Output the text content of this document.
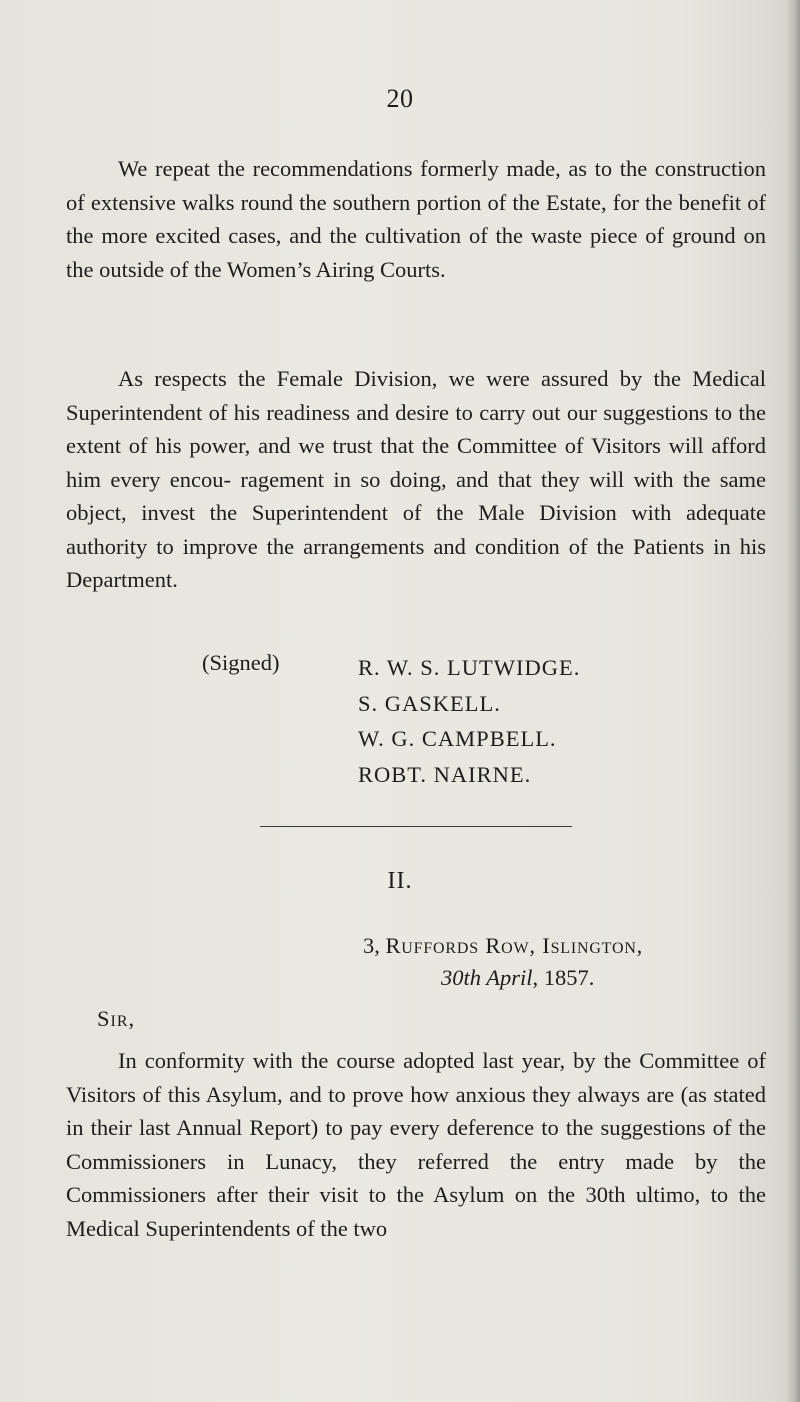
20

We repeat the recommendations formerly made, as to the construction of extensive walks round the southern portion of the Estate, for the benefit of the more excited cases, and the cultivation of the waste piece of ground on the outside of the Women’s Airing Courts.

As respects the Female Division, we were assured by the Medical Superintendent of his readiness and desire to carry out our suggestions to the extent of his power, and we trust that the Committee of Visitors will afford him every encou- ragement in so doing, and that they will with the same object, invest the Superintendent of the Male Division with adequate authority to improve the arrangements and condition of the Patients in his Department.

(Signed)	R. W. S. LUTWIDGE.
S. GASKELL.
W. G. CAMPBELL.
ROBT. NAIRNE.
II.
3, Ruffords Row, Islington,
30th April, 1857.
Sir,

In conformity with the course adopted last year, by the Committee of Visitors of this Asylum, and to prove how anxious they always are (as stated in their last Annual Report) to pay every deference to the suggestions of the Commissioners in Lunacy, they referred the entry made by the Commissioners after their visit to the Asylum on the 30th ultimo, to the Medical Superintendents of the two
